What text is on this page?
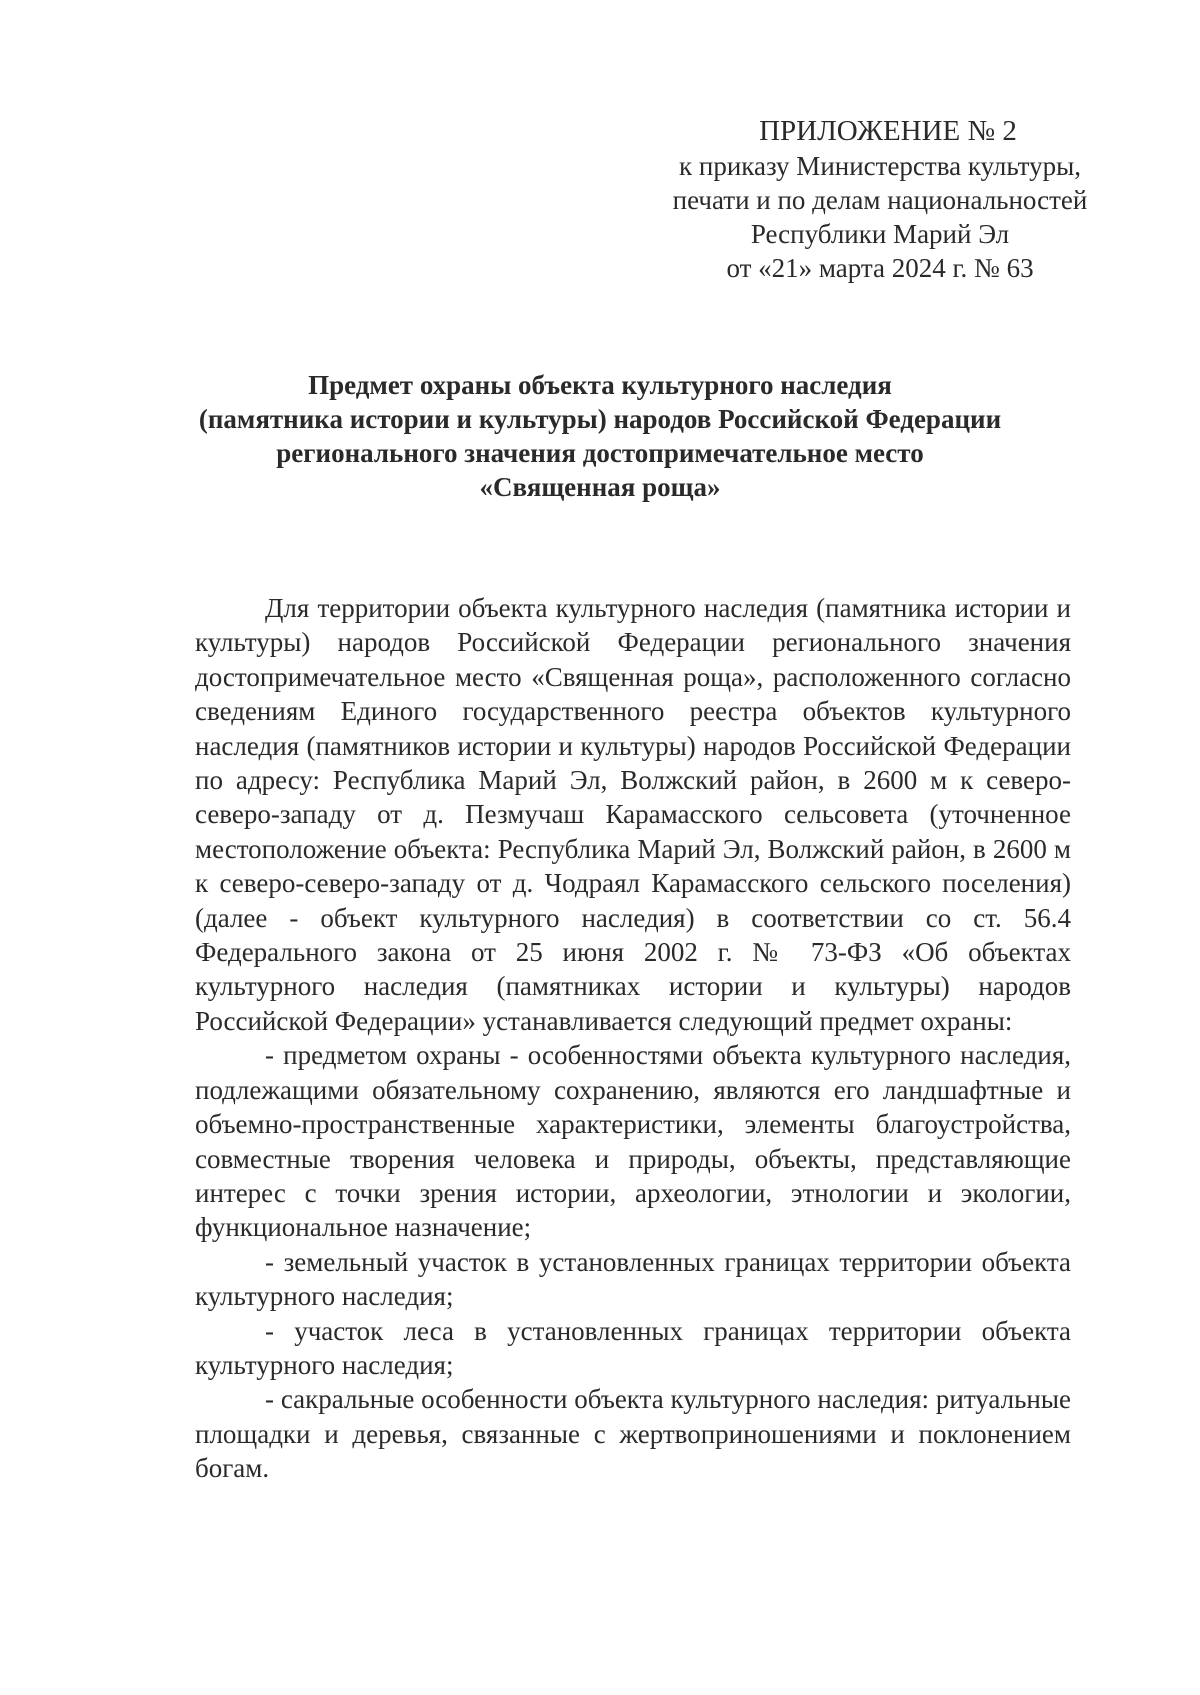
ПРИЛОЖЕНИЕ № 2
к приказу Министерства культуры,
печати и по делам национальностей
Республики Марий Эл
от «21» марта 2024 г. № 63
Предмет охраны объекта культурного наследия
(памятника истории и культуры) народов Российской Федерации
регионального значения достопримечательное место
«Священная роща»

Для территории объекта культурного наследия (памятника истории и культуры) народов Российской Федерации регионального значения достопримечательное место «Священная роща», расположенного согласно сведениям Единого государственного реестра объектов культурного наследия (памятников истории и культуры) народов Российской Федерации по адресу: Республика Марий Эл, Волжский район, в 2600 м к северо-северо-западу от д. Пезмучаш Карамасского сельсовета (уточненное местоположение объекта: Республика Марий Эл, Волжский район, в 2600 м к северо-северо-западу от д. Чодраял Карамасского сельского поселения) (далее - объект культурного наследия) в соответствии со ст. 56.4 Федерального закона от 25 июня 2002 г. № 73-ФЗ «Об объектах культурного наследия (памятниках истории и культуры) народов Российской Федерации» устанавливается следующий предмет охраны:

- предметом охраны - особенностями объекта культурного наследия, подлежащими обязательному сохранению, являются его ландшафтные и объемно-пространственные характеристики, элементы благоустройства, совместные творения человека и природы, объекты, представляющие интерес с точки зрения истории, археологии, этнологии и экологии, функциональное назначение;

- земельный участок в установленных границах территории объекта культурного наследия;

- участок леса в установленных границах территории объекта культурного наследия;

- сакральные особенности объекта культурного наследия: ритуальные площадки и деревья, связанные с жертвоприношениями и поклонением богам.
